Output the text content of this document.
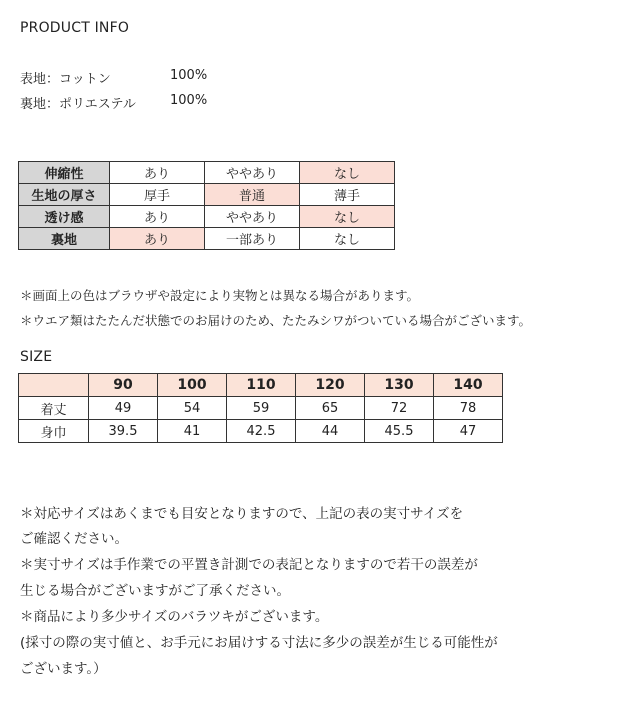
PRODUCT INFO
表地：コットン	100%
裏地：ポリエステル	100%
伸縮性	あり	ややあり	なし
生地の厚さ	厚手	普通	薄手
透け感	あり	ややあり	なし
裏地	あり	一部あり	なし
＊画面上の色はブラウザや設定により実物とは異なる場合があります。
＊ウエア類はたたんだ状態でのお届けのため、たたみシワがついている場合がございます。
SIZE
	90	100	110	120	130	140
着丈	49	54	59	65	72	78
身巾	39.5	41	42.5	44	45.5	47
＊対応サイズはあくまでも目安となりますので、上記の表の実寸サイズを
ご確認ください。
＊実寸サイズは手作業での平置き計測での表記となりますので若干の誤差が
生じる場合がございますがご了承ください。
＊商品により多少サイズのバラツキがございます。
(採寸の際の実寸値と、お手元にお届けする寸法に多少の誤差が生じる可能性が
ございます。）
